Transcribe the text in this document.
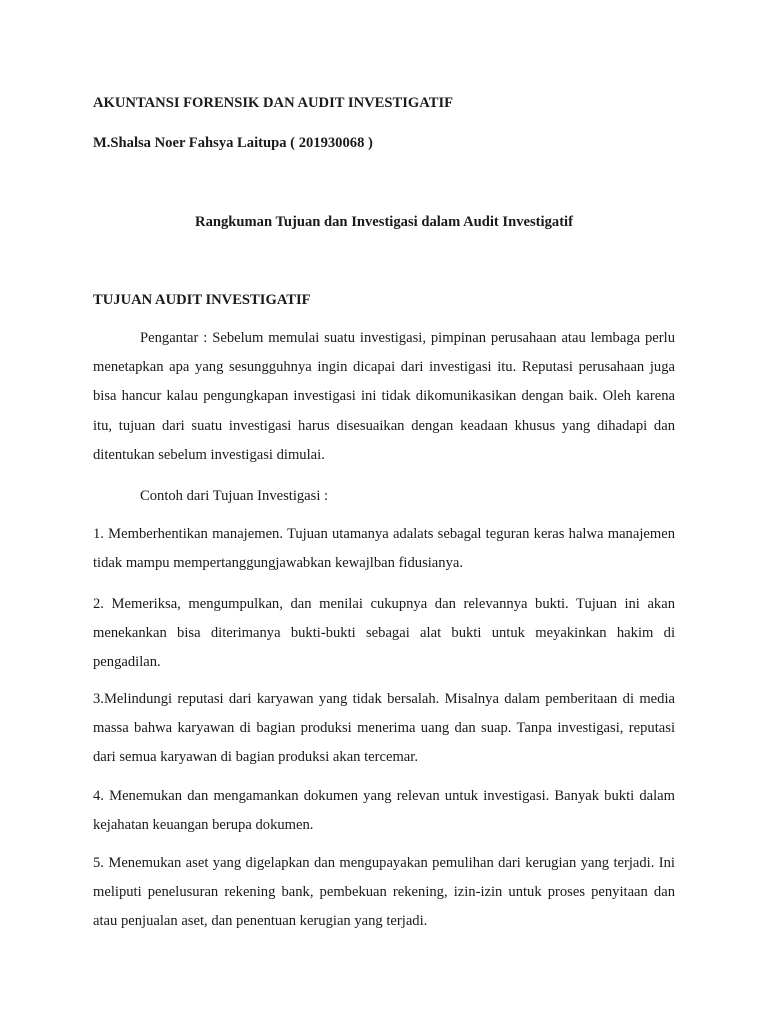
AKUNTANSI FORENSIK DAN AUDIT INVESTIGATIF
M.Shalsa Noer Fahsya Laitupa ( 201930068 )
Rangkuman Tujuan dan Investigasi dalam Audit Investigatif
TUJUAN AUDIT INVESTIGATIF

Pengantar : Sebelum memulai suatu investigasi, pimpinan perusahaan atau lembaga perlu menetapkan apa yang sesungguhnya ingin dicapai dari investigasi itu. Reputasi perusahaan juga bisa hancur kalau pengungkapan investigasi ini tidak dikomunikasikan dengan baik. Oleh karena itu, tujuan dari suatu investigasi harus disesuaikan dengan keadaan khusus yang dihadapi dan ditentukan sebelum investigasi dimulai.

Contoh dari Tujuan Investigasi :

1. Memberhentikan manajemen. Tujuan utamanya adalats sebagal teguran keras halwa manajemen tidak mampu mempertanggungjawabkan kewajlban fidusianya.

2. Memeriksa, mengumpulkan, dan menilai cukupnya dan relevannya bukti. Tujuan ini akan menekankan bisa diterimanya bukti-bukti sebagai alat bukti untuk meyakinkan hakim di pengadilan.

3.Melindungi reputasi dari karyawan yang tidak bersalah. Misalnya dalam pemberitaan di media massa bahwa karyawan di bagian produksi menerima uang dan suap. Tanpa investigasi, reputasi dari semua karyawan di bagian produksi akan tercemar.

4. Menemukan dan mengamankan dokumen yang relevan untuk investigasi. Banyak bukti dalam kejahatan keuangan berupa dokumen.

5. Menemukan aset yang digelapkan dan mengupayakan pemulihan dari kerugian yang terjadi. Ini meliputi penelusuran rekening bank, pembekuan rekening, izin-izin untuk proses penyitaan dan atau penjualan aset, dan penentuan kerugian yang terjadi.
